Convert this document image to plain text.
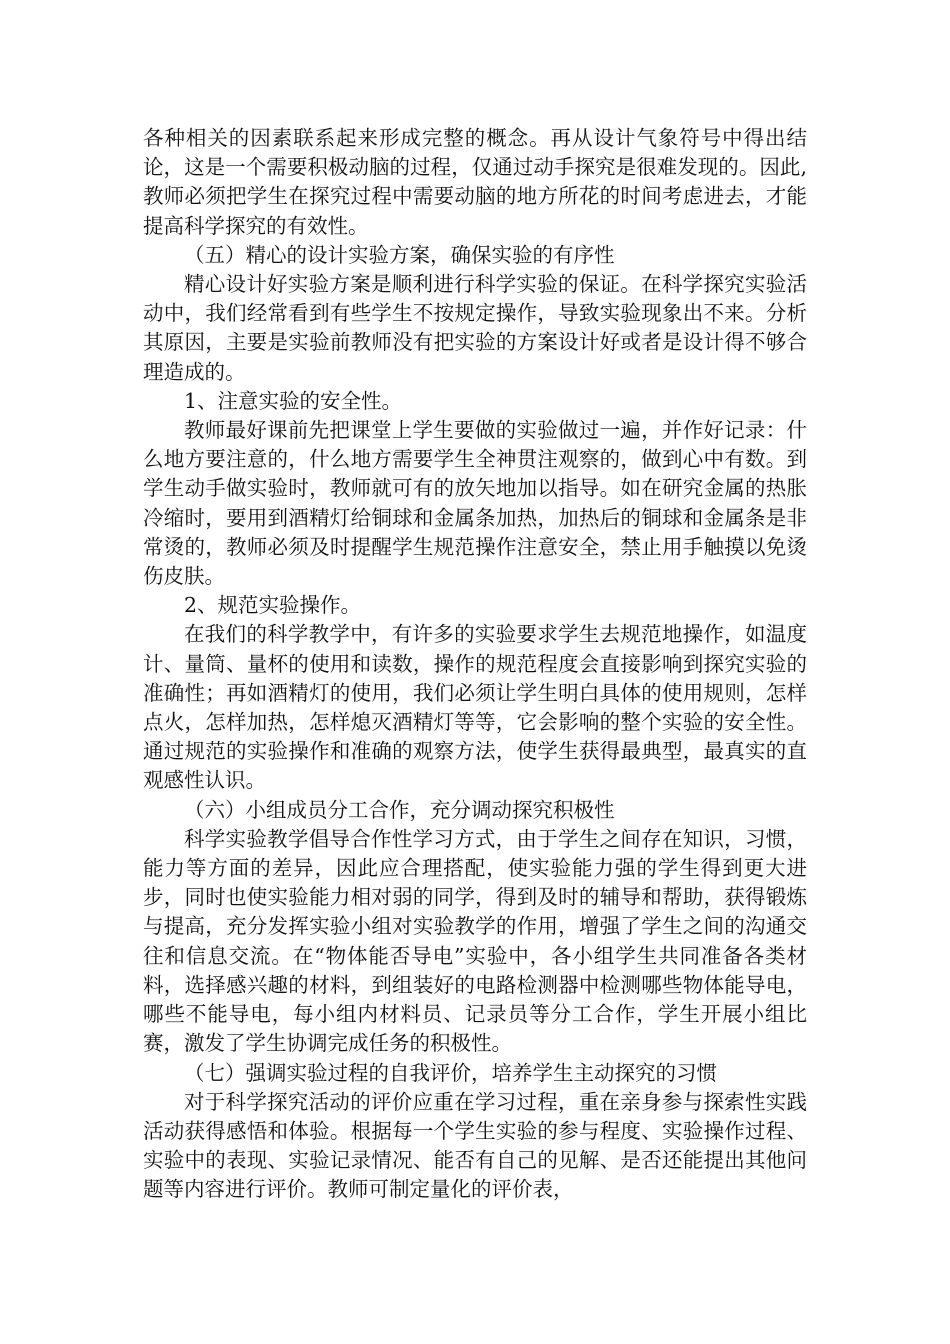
各种相关的因素联系起来形成完整的概念。再从设计气象符号中得出结论，这是一个需要积极动脑的过程，仅通过动手探究是很难发现的。因此,教师必须把学生在探究过程中需要动脑的地方所花的时间考虑进去，才能提高科学探究的有效性。

（五）精心的设计实验方案，确保实验的有序性

精心设计好实验方案是顺利进行科学实验的保证。在科学探究实验活动中，我们经常看到有些学生不按规定操作，导致实验现象出不来。分析其原因，主要是实验前教师没有把实验的方案设计好或者是设计得不够合理造成的。

1、注意实验的安全性。

教师最好课前先把课堂上学生要做的实验做过一遍，并作好记录：什么地方要注意的，什么地方需要学生全神贯注观察的，做到心中有数。到学生动手做实验时，教师就可有的放矢地加以指导。如在研究金属的热胀冷缩时，要用到酒精灯给铜球和金属条加热，加热后的铜球和金属条是非常烫的，教师必须及时提醒学生规范操作注意安全，禁止用手触摸以免烫伤皮肤。

2、规范实验操作。

在我们的科学教学中，有许多的实验要求学生去规范地操作，如温度计、量筒、量杯的使用和读数，操作的规范程度会直接影响到探究实验的准确性；再如酒精灯的使用，我们必须让学生明白具体的使用规则，怎样点火，怎样加热，怎样熄灭酒精灯等等，它会影响的整个实验的安全性。通过规范的实验操作和准确的观察方法，使学生获得最典型，最真实的直观感性认识。

（六）小组成员分工合作，充分调动探究积极性

科学实验教学倡导合作性学习方式，由于学生之间存在知识，习惯，能力等方面的差异，因此应合理搭配，使实验能力强的学生得到更大进步，同时也使实验能力相对弱的同学，得到及时的辅导和帮助，获得锻炼与提高，充分发挥实验小组对实验教学的作用，增强了学生之间的沟通交往和信息交流。在“物体能否导电”实验中，各小组学生共同准备各类材料，选择感兴趣的材料，到组装好的电路检测器中检测哪些物体能导电，哪些不能导电，每小组内材料员、记录员等分工合作，学生开展小组比赛，激发了学生协调完成任务的积极性。

（七）强调实验过程的自我评价，培养学生主动探究的习惯

对于科学探究活动的评价应重在学习过程，重在亲身参与探索性实践活动获得感悟和体验。根据每一个学生实验的参与程度、实验操作过程、实验中的表现、实验记录情况、能否有自己的见解、是否还能提出其他问题等内容进行评价。教师可制定量化的评价表，
